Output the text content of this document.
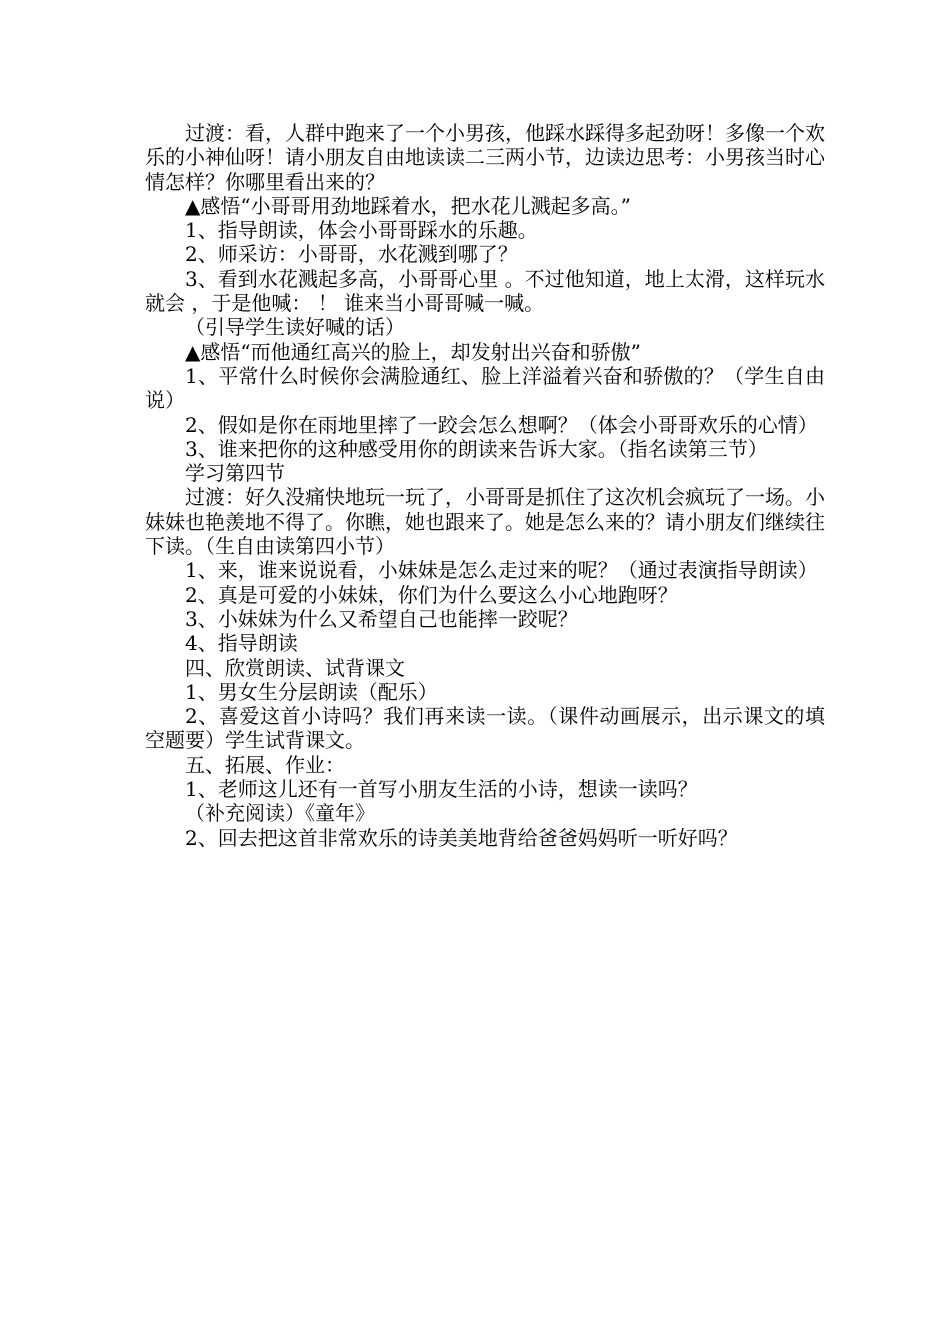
过渡：看，人群中跑来了一个小男孩，他踩水踩得多起劲呀！多像一个欢乐的小神仙呀！请小朋友自由地读读二三两小节，边读边思考：小男孩当时心情怎样？你哪里看出来的？

▲感悟“小哥哥用劲地踩着水，把水花儿溅起多高。”

1、指导朗读，体会小哥哥踩水的乐趣。

2、师采访：小哥哥，水花溅到哪了？

3、看到水花溅起多高，小哥哥心里 。不过他知道，地上太滑，这样玩水就会 ，于是他喊： ！ 谁来当小哥哥喊一喊。

（引导学生读好喊的话）

▲感悟“而他通红高兴的脸上，却发射出兴奋和骄傲”

1、平常什么时候你会满脸通红、脸上洋溢着兴奋和骄傲的？（学生自由说）

2、假如是你在雨地里摔了一跤会怎么想啊？（体会小哥哥欢乐的心情）

3、谁来把你的这种感受用你的朗读来告诉大家。（指名读第三节）

学习第四节

过渡：好久没痛快地玩一玩了，小哥哥是抓住了这次机会疯玩了一场。小妹妹也艳羡地不得了。你瞧，她也跟来了。她是怎么来的？请小朋友们继续往下读。（生自由读第四小节）

1、来，谁来说说看，小妹妹是怎么走过来的呢？（通过表演指导朗读）

2、真是可爱的小妹妹，你们为什么要这么小心地跑呀？

3、小妹妹为什么又希望自己也能摔一跤呢？

4、指导朗读

四、欣赏朗读、试背课文

1、男女生分层朗读（配乐）

2、喜爱这首小诗吗？我们再来读一读。（课件动画展示，出示课文的填空题要）学生试背课文。

五、拓展、作业：

1、老师这儿还有一首写小朋友生活的小诗，想读一读吗？

（补充阅读）《童年》

2、回去把这首非常欢乐的诗美美地背给爸爸妈妈听一听好吗？
